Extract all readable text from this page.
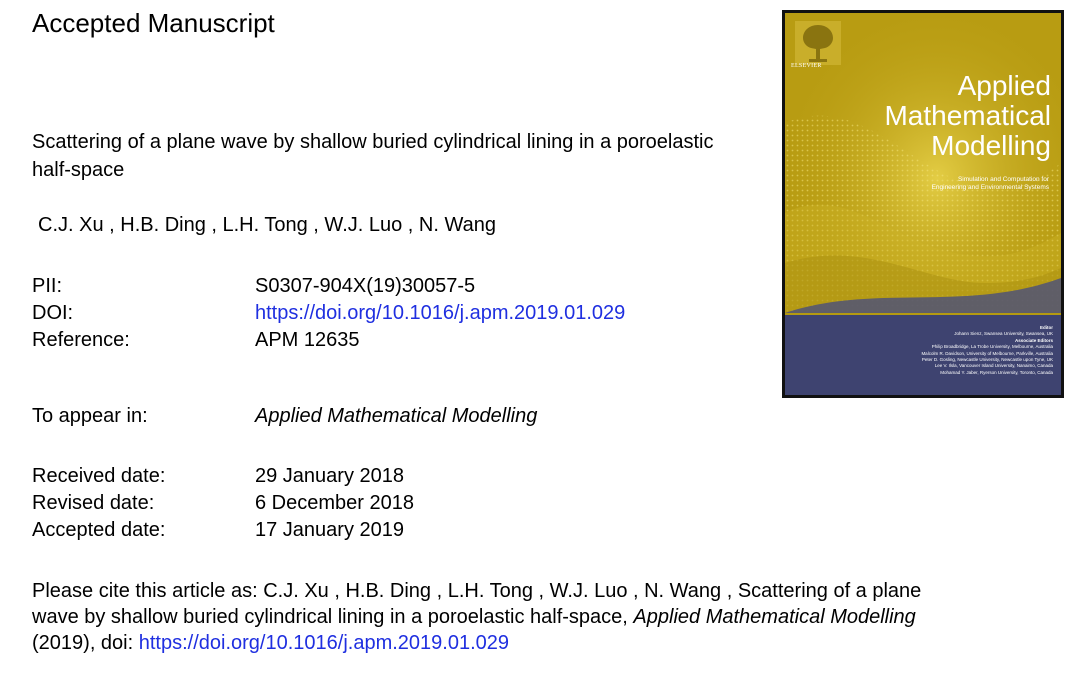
Accepted Manuscript
Scattering of a plane wave by shallow buried cylindrical lining in a poroelastic half-space
C.J. Xu , H.B. Ding , L.H. Tong , W.J. Luo , N. Wang
PII:	S0307-904X(19)30057-5
DOI:	https://doi.org/10.1016/j.apm.2019.01.029
Reference:	APM 12635
To appear in:	Applied Mathematical Modelling
Received date:	29 January 2018
Revised date:	6 December 2018
Accepted date:	17 January 2019
Please cite this article as: C.J. Xu , H.B. Ding , L.H. Tong , W.J. Luo , N. Wang , Scattering of a plane
wave by shallow buried cylindrical lining in a poroelastic half-space, Applied Mathematical Modelling
(2019), doi: https://doi.org/10.1016/j.apm.2019.01.029
ELSEVIER
Applied
Mathematical
Modelling
Simulation and Computation for
Engineering and Environmental Systems
Editor
Johann Sienz, Swansea University, Swansea, UK
Associate Editors
Philip Broadbridge, La Trobe University, Melbourne, Australia
Malcolm R. Davidson, University of Melbourne, Parkville, Australia
Peter D. Gosling, Newcastle University, Newcastle upon Tyne, UK
Lee V. Ilsla, Vancouver Island University, Nanaimo, Canada
Mohamad Y. Jaber, Ryerson University, Toronto, Canada
